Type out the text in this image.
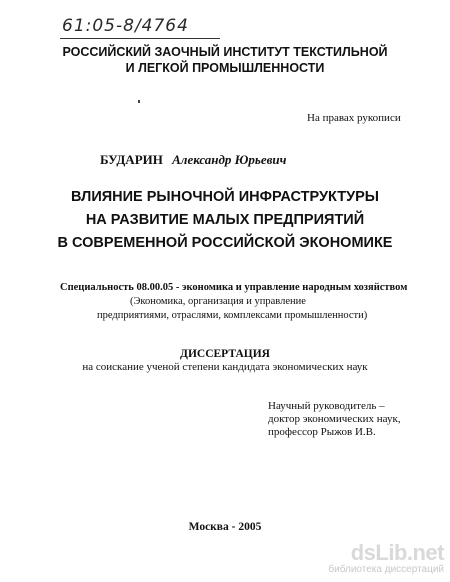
61:05-8/4764
РОССИЙСКИЙ ЗАОЧНЫЙ ИНСТИТУТ ТЕКСТИЛЬНОЙ
И ЛЕГКОЙ ПРОМЫШЛЕННОСТИ
На правах рукописи
БУДАРИН Александр Юрьевич
ВЛИЯНИЕ РЫНОЧНОЙ ИНФРАСТРУКТУРЫ
НА РАЗВИТИЕ МАЛЫХ ПРЕДПРИЯТИЙ
В СОВРЕМЕННОЙ РОССИЙСКОЙ ЭКОНОМИКЕ
Специальность 08.00.05 - экономика и управление народным хозяйством
(Экономика, организация и управление
предприятиями, отраслями, комплексами промышленности)
ДИССЕРТАЦИЯ
на соискание ученой степени кандидата экономических наук
Научный руководитель –
доктор экономических наук,
профессор Рыжов И.В.
Москва - 2005
dsLib.net
библиотека диссертаций
